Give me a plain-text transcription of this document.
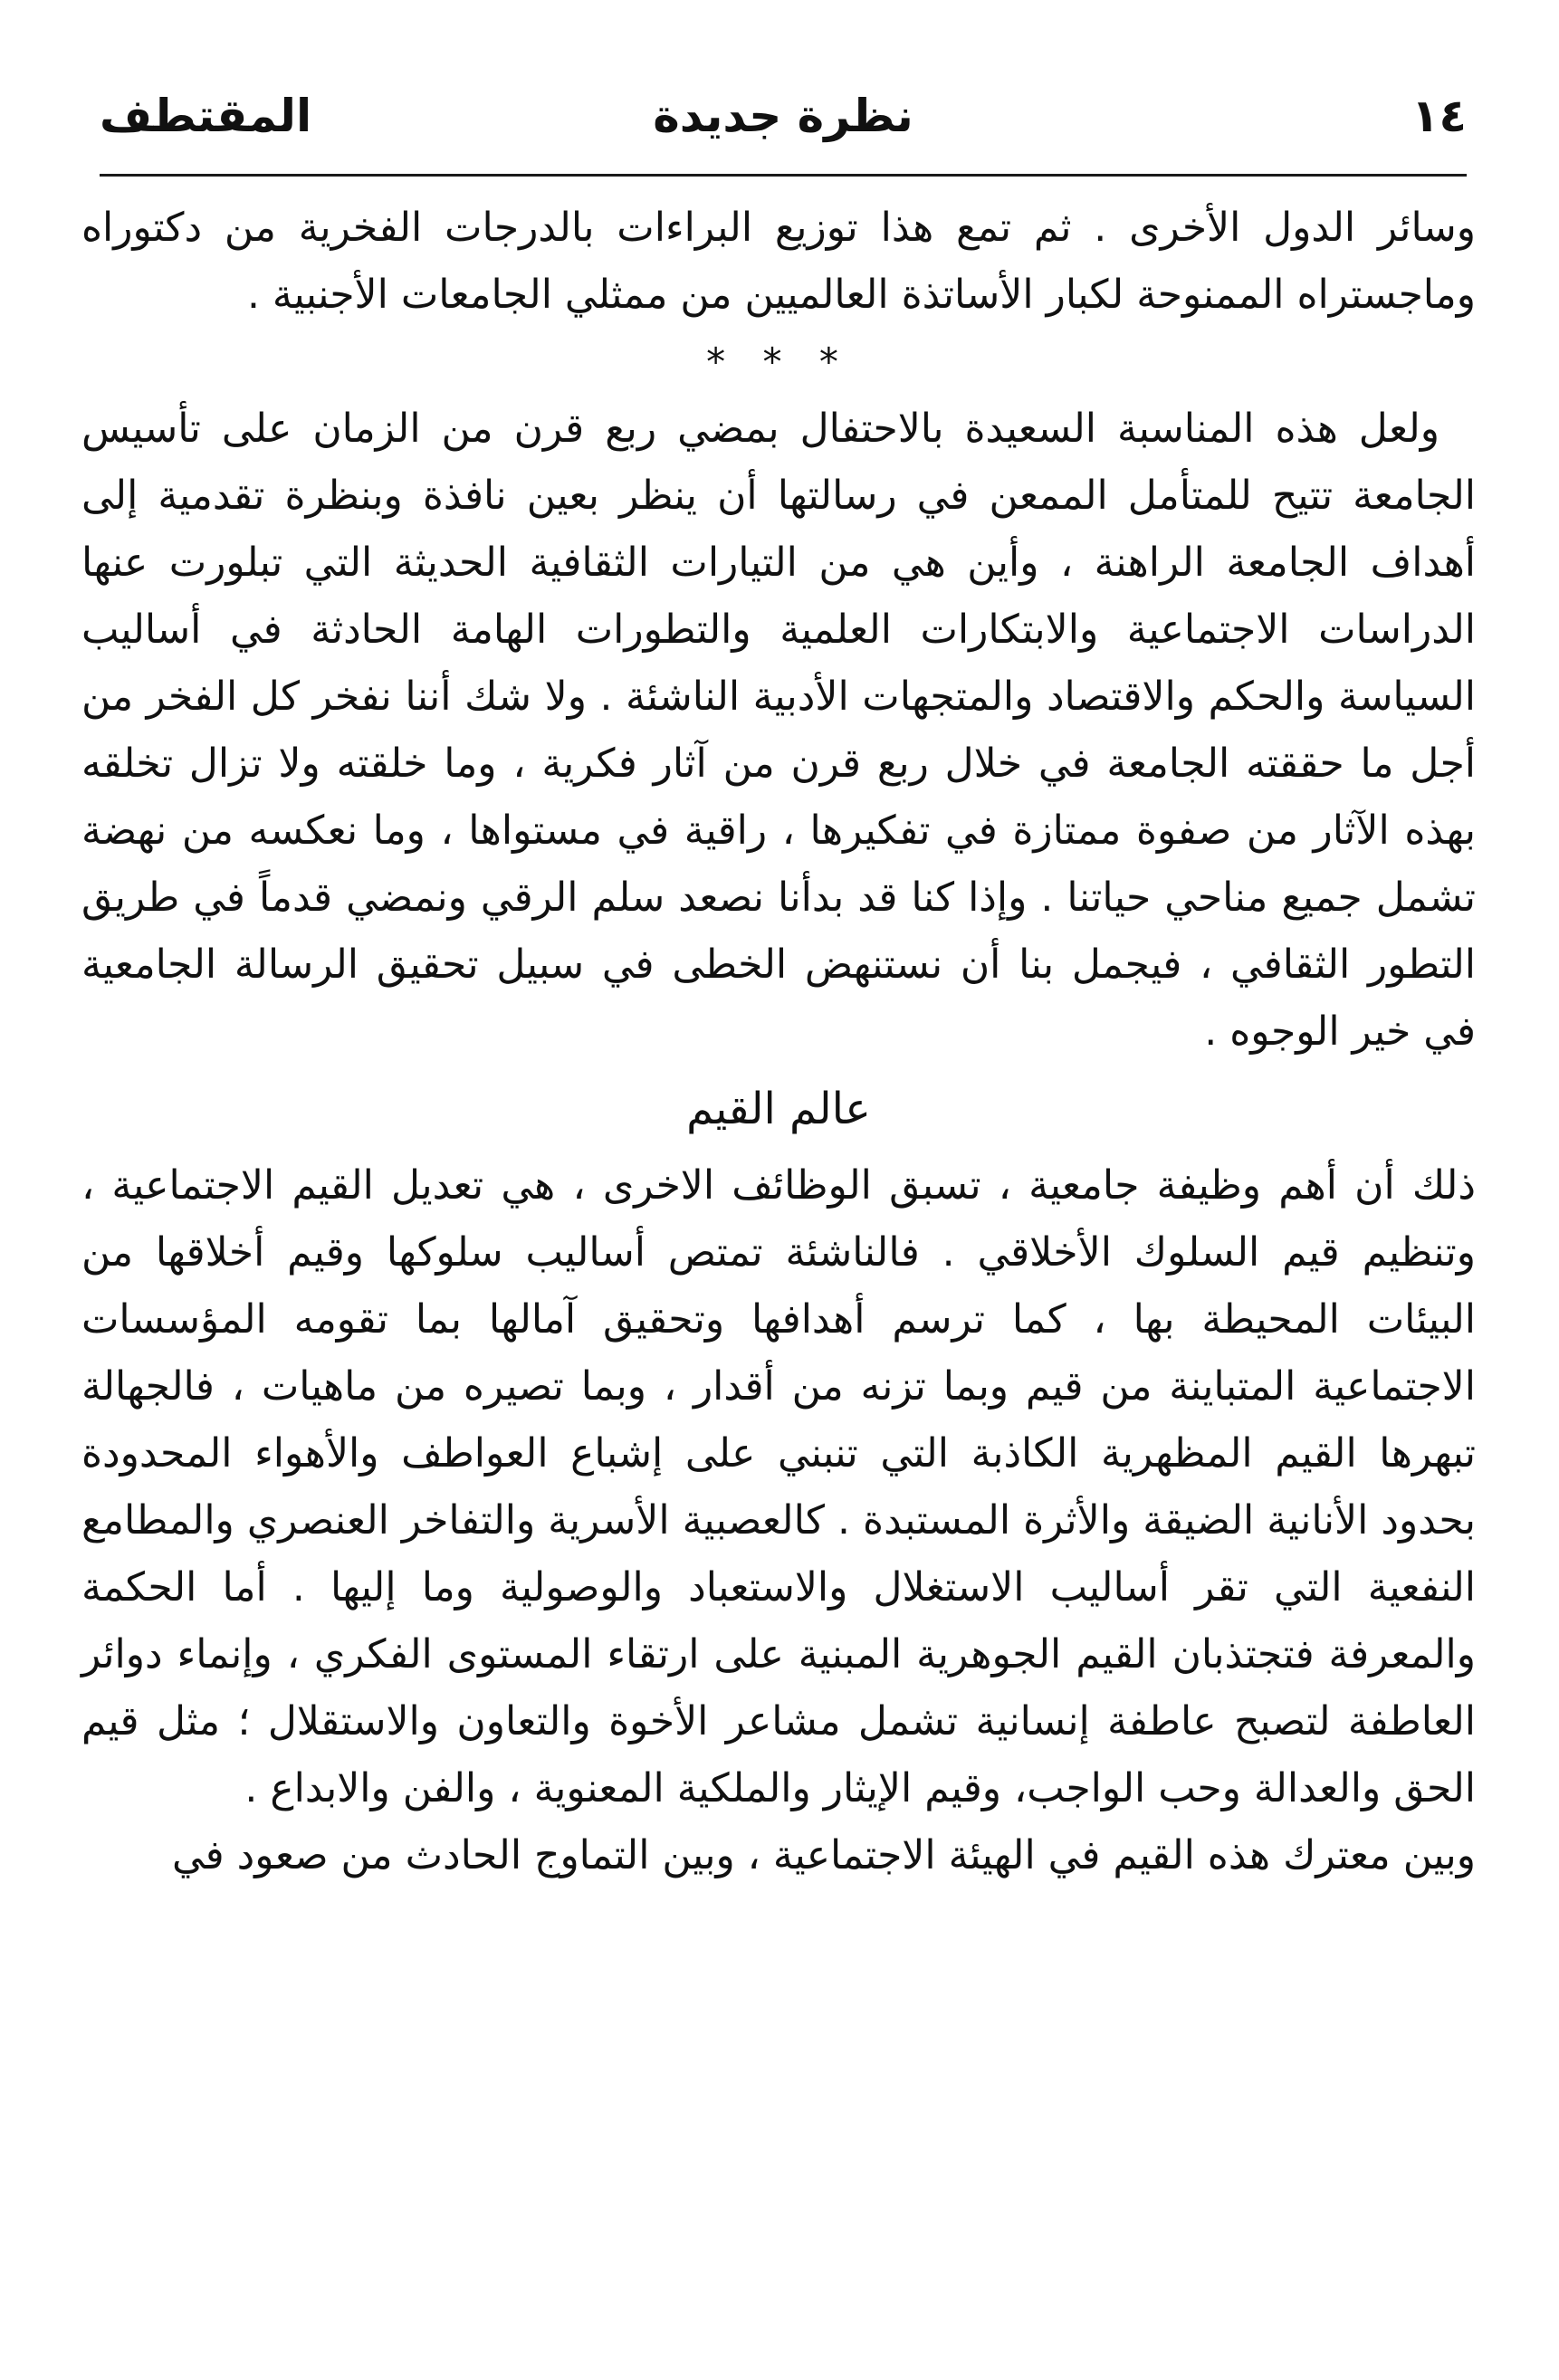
١٤
نظرة جديدة
المقتطف

وسائر الدول الأخرى . ثم تمع هذا توزيع البراءات بالدرجات الفخرية من دكتوراه وماجستراه الممنوحة لكبار الأساتذة العالميين من ممثلي الجامعات الأجنبية .

* * *

ولعل هذه المناسبة السعيدة بالاحتفال بمضي ربع قرن من الزمان على تأسيس الجامعة تتيح للمتأمل الممعن في رسالتها أن ينظر بعين نافذة وبنظرة تقدمية إلى أهداف الجامعة الراهنة ، وأين هي من التيارات الثقافية الحديثة التي تبلورت عنها الدراسات الاجتماعية والابتكارات العلمية والتطورات الهامة الحادثة في أساليب السياسة والحكم والاقتصاد والمتجهات الأدبية الناشئة . ولا شك أننا نفخر كل الفخر من أجل ما حققته الجامعة في خلال ربع قرن من آثار فكرية ، وما خلقته ولا تزال تخلقه بهذه الآثار من صفوة ممتازة في تفكيرها ، راقية في مستواها ، وما نعكسه من نهضة تشمل جميع مناحي حياتنا . وإذا كنا قد بدأنا نصعد سلم الرقي ونمضي قدماً في طريق التطور الثقافي ، فيجمل بنا أن نستنهض الخطى في سبيل تحقيق الرسالة الجامعية في خير الوجوه .

عالم القيم

ذلك أن أهم وظيفة جامعية ، تسبق الوظائف الاخرى ، هي تعديل القيم الاجتماعية ، وتنظيم قيم السلوك الأخلاقي . فالناشئة تمتص أساليب سلوكها وقيم أخلاقها من البيئات المحيطة بها ، كما ترسم أهدافها وتحقيق آمالها بما تقومه المؤسسات الاجتماعية المتباينة من قيم وبما تزنه من أقدار ، وبما تصيره من ماهيات ، فالجهالة تبهرها القيم المظهرية الكاذبة التي تنبني على إشباع العواطف والأهواء المحدودة بحدود الأنانية الضيقة والأثرة المستبدة . كالعصبية الأسرية والتفاخر العنصري والمطامع النفعية التي تقر أساليب الاستغلال والاستعباد والوصولية وما إليها . أما الحكمة والمعرفة فتجتذبان القيم الجوهرية المبنية على ارتقاء المستوى الفكري ، وإنماء دوائر العاطفة لتصبح عاطفة إنسانية تشمل مشاعر الأخوة والتعاون والاستقلال ؛ مثل قيم الحق والعدالة وحب الواجب، وقيم الإيثار والملكية المعنوية ، والفن والابداع .

وبين معترك هذه القيم في الهيئة الاجتماعية ، وبين التماوج الحادث من صعود في
